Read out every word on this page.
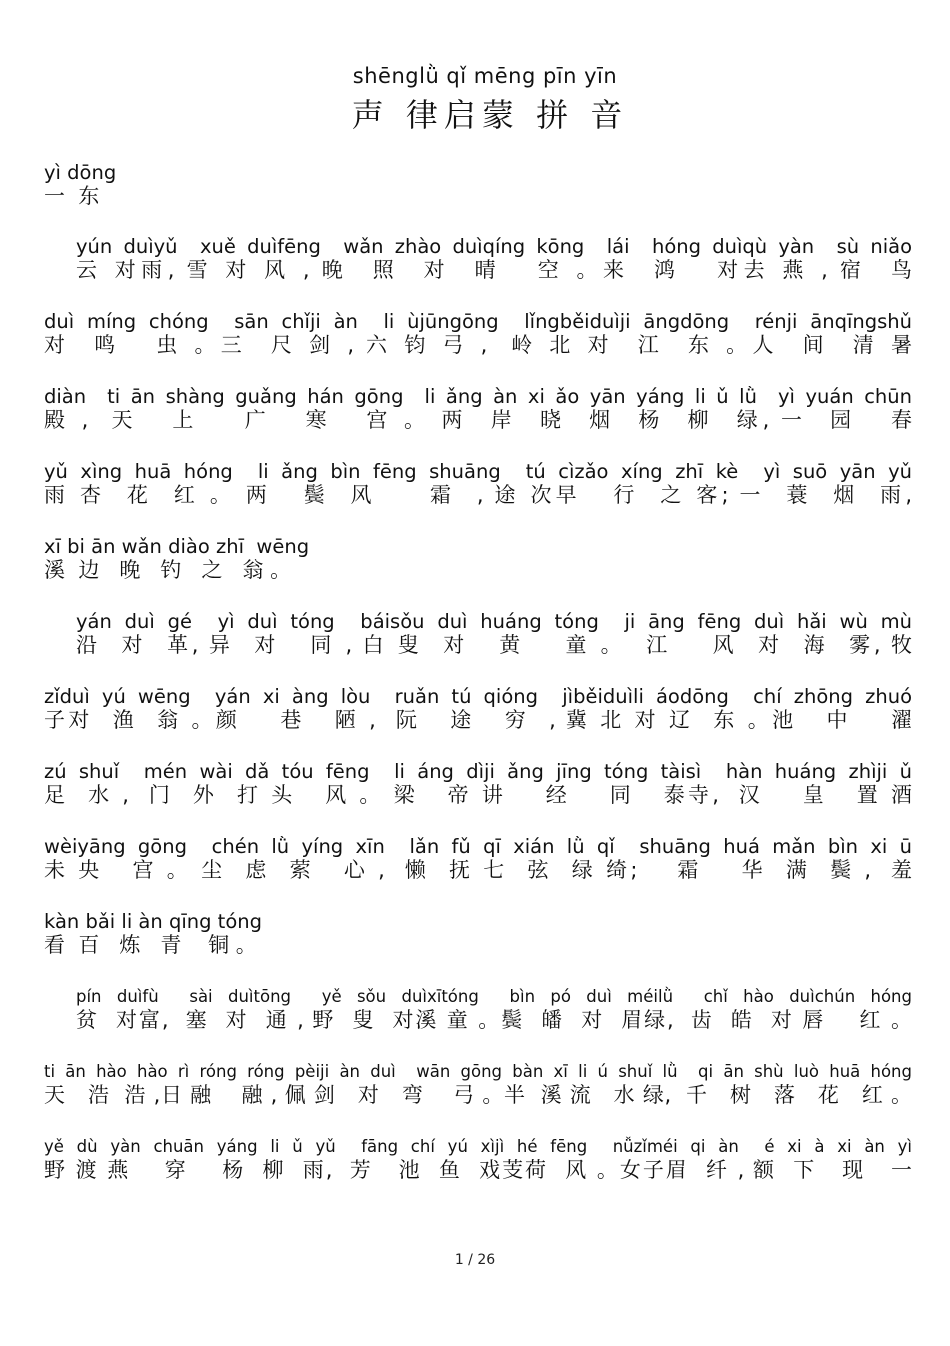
shēnglǜ qǐ mēng pīn yīn
声 律启蒙 拼 音
yì dōng
一  东
yún duìyǔ  xuě duìfēng  wǎn zhào duìqíng kōng  lái  hóng duìqù yàn  sù niǎo
云 对雨, 雪 对 风 , 晚  照  对  晴   空 。来  鸿   对去 燕 , 宿  鸟
duì míng chóng  sān chǐji àn  li ùjūngōng  lǐngběiduìji āngdōng  rénji ānqīngshǔ
对  鸣   虫 。三  尺 剑 , 六 钧 弓 ,  岭 北 对  江  东 。人  间  清 暑
diàn  ti ān shàng guǎng hán gōng  li ǎng àn xi ǎo yān yáng li ǔ lǜ  yì yuán chūn
殿 ,  天   上    广   寒   宫 。 两  岸  晓  烟  杨  柳  绿, 一  园   春
yǔ xìng huā hóng  li ǎng bìn fēng shuāng  tú cìzǎo xíng zhī kè  yì suō yān yǔ
雨 杏  花  红 。 两   鬓  风     霜  , 途 次早   行  之 客; 一  蓑  烟  雨,
xī bi ān wǎn diào zhī  wēng
溪  边   晚   钓   之   翁 。
yán duì gé  yì duì tóng  báisǒu duì huáng tóng  ji āng fēng duì hǎi wù mù
沿  对  革, 异  对   同 , 白 叟  对   黄    童 。  江    风  对  海  雾, 牧
zǐduì yú wēng  yán xi àng lòu  ruǎn tú qióng  jìběiduìli áodōng  chí zhōng zhuó
子对  渔  翁 。颜    巷   陋 ,  阮   途   穷  , 冀 北 对 辽  东 。池   中    濯
zú shuǐ  mén wài dǎ tóu fēng  li áng dìji ǎng jīng tóng tàisì  hàn huáng zhìji ǔ
足  水 ,  门  外  打 头   风 。 梁   帝 讲    经    同   泰寺,  汉    皇   置 酒
wèiyāng gōng  chén lǜ yíng xīn  lǎn fǔ qī xián lǜ qǐ  shuāng huá mǎn bìn xi ū
未 央   宫 。 尘  虑  萦   心 ,  懒  抚 七  弦  绿 绮;    霜    华  满  鬓 ,  羞
kàn bǎi li àn qīng tóng
看  百   炼   青    铜 。
pín duìfù  sài duìtōng  yě sǒu duìxītóng  bìn pó duì méilǜ  chǐ hào duìchún hóng
贫  对富,  塞  对  通 , 野  叟  对溪 童 。鬓  皤  对  眉绿,  齿  皓  对 唇    红 。
ti ān hào hào rì róng róng pèiji àn duì  wān gōng bàn xī li ú shuǐ lǜ  qi ān shù luò huā hóng
天   浩  浩 ,日 融    融 , 佩 剑   对   弯    弓 。半  溪 流   水 绿,  千   树   落   花   红 。
yě dù yàn chuān yáng li ǔ yǔ  fāng chí yú xìjì hé fēng  nǚzǐméi qi àn  é xi à xi àn yì
野 渡 燕    穿    杨  柳  雨,  芳   池  鱼  戏芰荷  风 。女子眉  纤 , 额  下   现   一
1 / 26
